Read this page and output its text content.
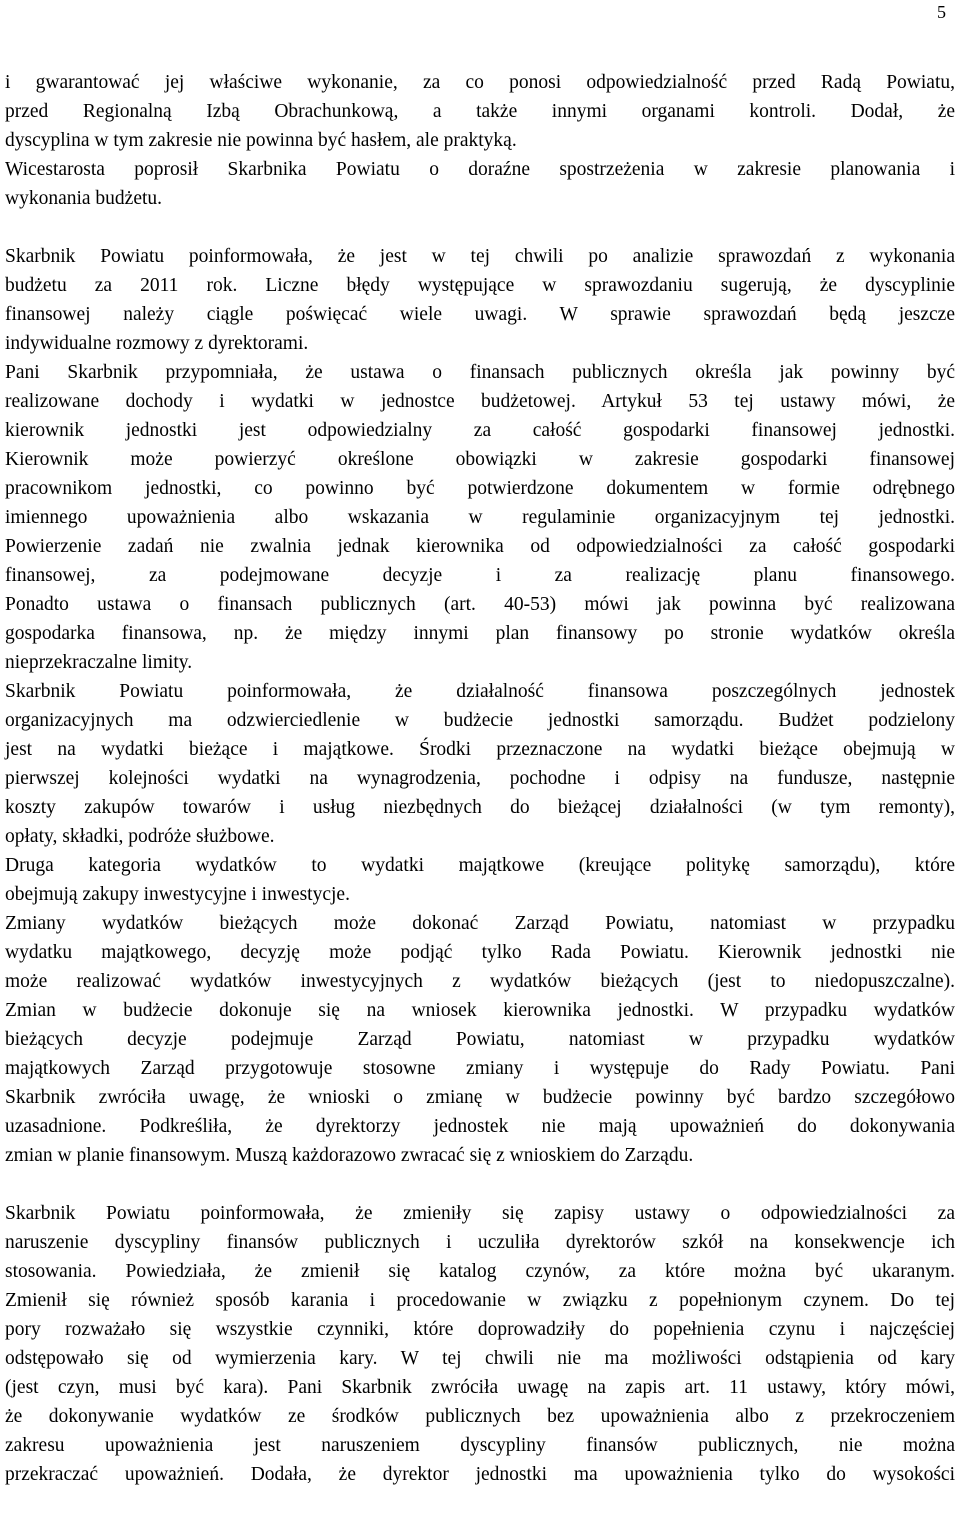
5
i gwarantować jej właściwe wykonanie, za co ponosi odpowiedzialność przed Radą Powiatu,
przed Regionalną Izbą Obrachunkową, a także innymi organami kontroli. Dodał, że
dyscyplina w tym zakresie nie powinna być hasłem, ale praktyką.
Wicestarosta poprosił Skarbnika Powiatu o doraźne spostrzeżenia w zakresie planowania i
wykonania budżetu.
Skarbnik Powiatu poinformowała, że jest w tej chwili po analizie sprawozdań z wykonania
budżetu za 2011 rok. Liczne błędy występujące w sprawozdaniu sugerują, że dyscyplinie
finansowej należy ciągle poświęcać wiele uwagi. W sprawie sprawozdań będą jeszcze
indywidualne rozmowy z dyrektorami.
Pani Skarbnik przypomniała, że ustawa o finansach publicznych określa jak powinny być
realizowane dochody i wydatki w jednostce budżetowej. Artykuł 53 tej ustawy mówi, że
kierownik jednostki jest odpowiedzialny za całość gospodarki finansowej jednostki.
Kierownik może powierzyć określone obowiązki w zakresie gospodarki finansowej
pracownikom jednostki, co powinno być potwierdzone dokumentem w formie odrębnego
imiennego upoważnienia albo wskazania w regulaminie organizacyjnym tej jednostki.
Powierzenie zadań nie zwalnia jednak kierownika od odpowiedzialności za całość gospodarki
finansowej, za podejmowane decyzje i za realizację planu finansowego.
Ponadto ustawa o finansach publicznych (art. 40-53) mówi jak powinna być realizowana
gospodarka finansowa, np. że między innymi plan finansowy po stronie wydatków określa
nieprzekraczalne limity.
Skarbnik Powiatu poinformowała, że działalność finansowa poszczególnych jednostek
organizacyjnych ma odzwierciedlenie w budżecie jednostki samorządu. Budżet podzielony
jest na wydatki bieżące i majątkowe. Środki przeznaczone na wydatki bieżące obejmują w
pierwszej kolejności wydatki na wynagrodzenia, pochodne i odpisy na fundusze, następnie
koszty zakupów towarów i usług niezbędnych do bieżącej działalności (w tym remonty),
opłaty, składki, podróże służbowe.
Druga kategoria wydatków to wydatki majątkowe (kreujące politykę samorządu), które
obejmują zakupy inwestycyjne i inwestycje.
Zmiany wydatków bieżących może dokonać Zarząd Powiatu, natomiast w przypadku
wydatku majątkowego, decyzję może podjąć tylko Rada Powiatu. Kierownik jednostki nie
może realizować wydatków inwestycyjnych z wydatków bieżących (jest to niedopuszczalne).
Zmian w budżecie dokonuje się na wniosek kierownika jednostki. W przypadku wydatków
bieżących decyzje podejmuje Zarząd Powiatu, natomiast w przypadku wydatków
majątkowych Zarząd przygotowuje stosowne zmiany i występuje do Rady Powiatu. Pani
Skarbnik zwróciła uwagę, że wnioski o zmianę w budżecie powinny być bardzo szczegółowo
uzasadnione. Podkreśliła, że dyrektorzy jednostek nie mają upoważnień do dokonywania
zmian w planie finansowym. Muszą każdorazowo zwracać się z wnioskiem do Zarządu.
Skarbnik Powiatu poinformowała, że zmieniły się zapisy ustawy o odpowiedzialności za
naruszenie dyscypliny finansów publicznych i uczuliła dyrektorów szkół na konsekwencje ich
stosowania. Powiedziała, że zmienił się katalog czynów, za które można być ukaranym.
Zmienił się również sposób karania i procedowanie w związku z popełnionym czynem. Do tej
pory rozważało się wszystkie czynniki, które doprowadziły do popełnienia czynu i najczęściej
odstępowało się od wymierzenia kary. W tej chwili nie ma możliwości odstąpienia od kary
(jest czyn, musi być kara). Pani Skarbnik zwróciła uwagę na zapis art. 11 ustawy, który mówi,
że dokonywanie wydatków ze środków publicznych bez upoważnienia albo z przekroczeniem
zakresu upoważnienia jest naruszeniem dyscypliny finansów publicznych, nie można
przekraczać upoważnień. Dodała, że dyrektor jednostki ma upoważnienia tylko do wysokości
